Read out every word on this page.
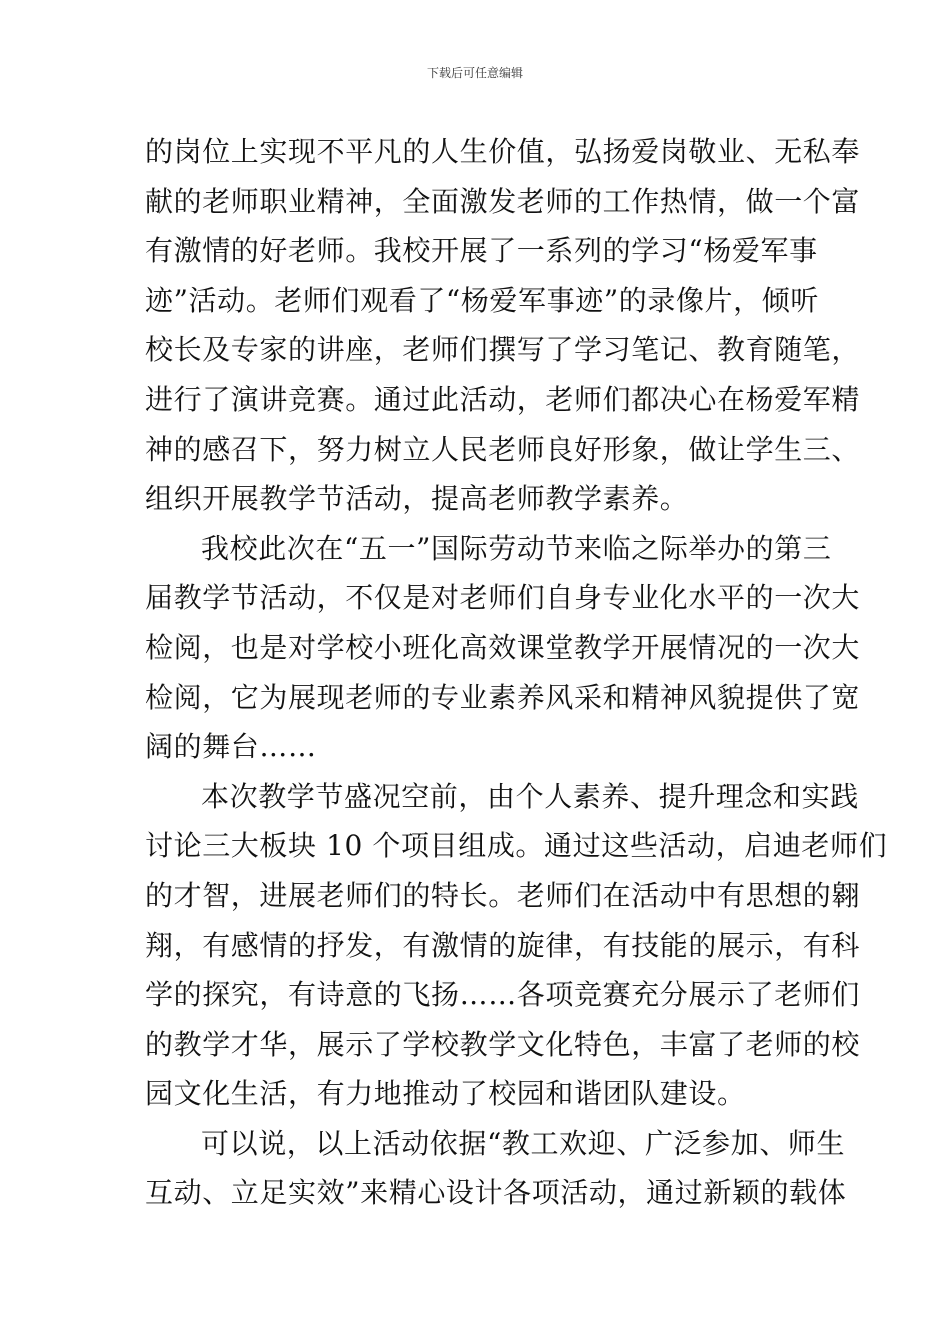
下载后可任意编辑
的岗位上实现不平凡的人生价值，弘扬爱岗敬业、无私奉
献的老师职业精神，全面激发老师的工作热情，做一个富
有激情的好老师。我校开展了一系列的学习“杨爱军事
迹”活动。老师们观看了“杨爱军事迹”的录像片，倾听
校长及专家的讲座，老师们撰写了学习笔记、教育随笔，
进行了演讲竞赛。通过此活动，老师们都决心在杨爱军精
神的感召下，努力树立人民老师良好形象，做让学生三、
组织开展教学节活动，提高老师教学素养。
我校此次在“五一”国际劳动节来临之际举办的第三
届教学节活动，不仅是对老师们自身专业化水平的一次大
检阅，也是对学校小班化高效课堂教学开展情况的一次大
检阅，它为展现老师的专业素养风采和精神风貌提供了宽
阔的舞台……
本次教学节盛况空前，由个人素养、提升理念和实践
讨论三大板块 10 个项目组成。通过这些活动，启迪老师们
的才智，进展老师们的特长。老师们在活动中有思想的翱
翔，有感情的抒发，有激情的旋律，有技能的展示，有科
学的探究，有诗意的飞扬……各项竞赛充分展示了老师们
的教学才华，展示了学校教学文化特色，丰富了老师的校
园文化生活，有力地推动了校园和谐团队建设。
可以说，以上活动依据“教工欢迎、广泛参加、师生
互动、立足实效”来精心设计各项活动，通过新颖的载体
